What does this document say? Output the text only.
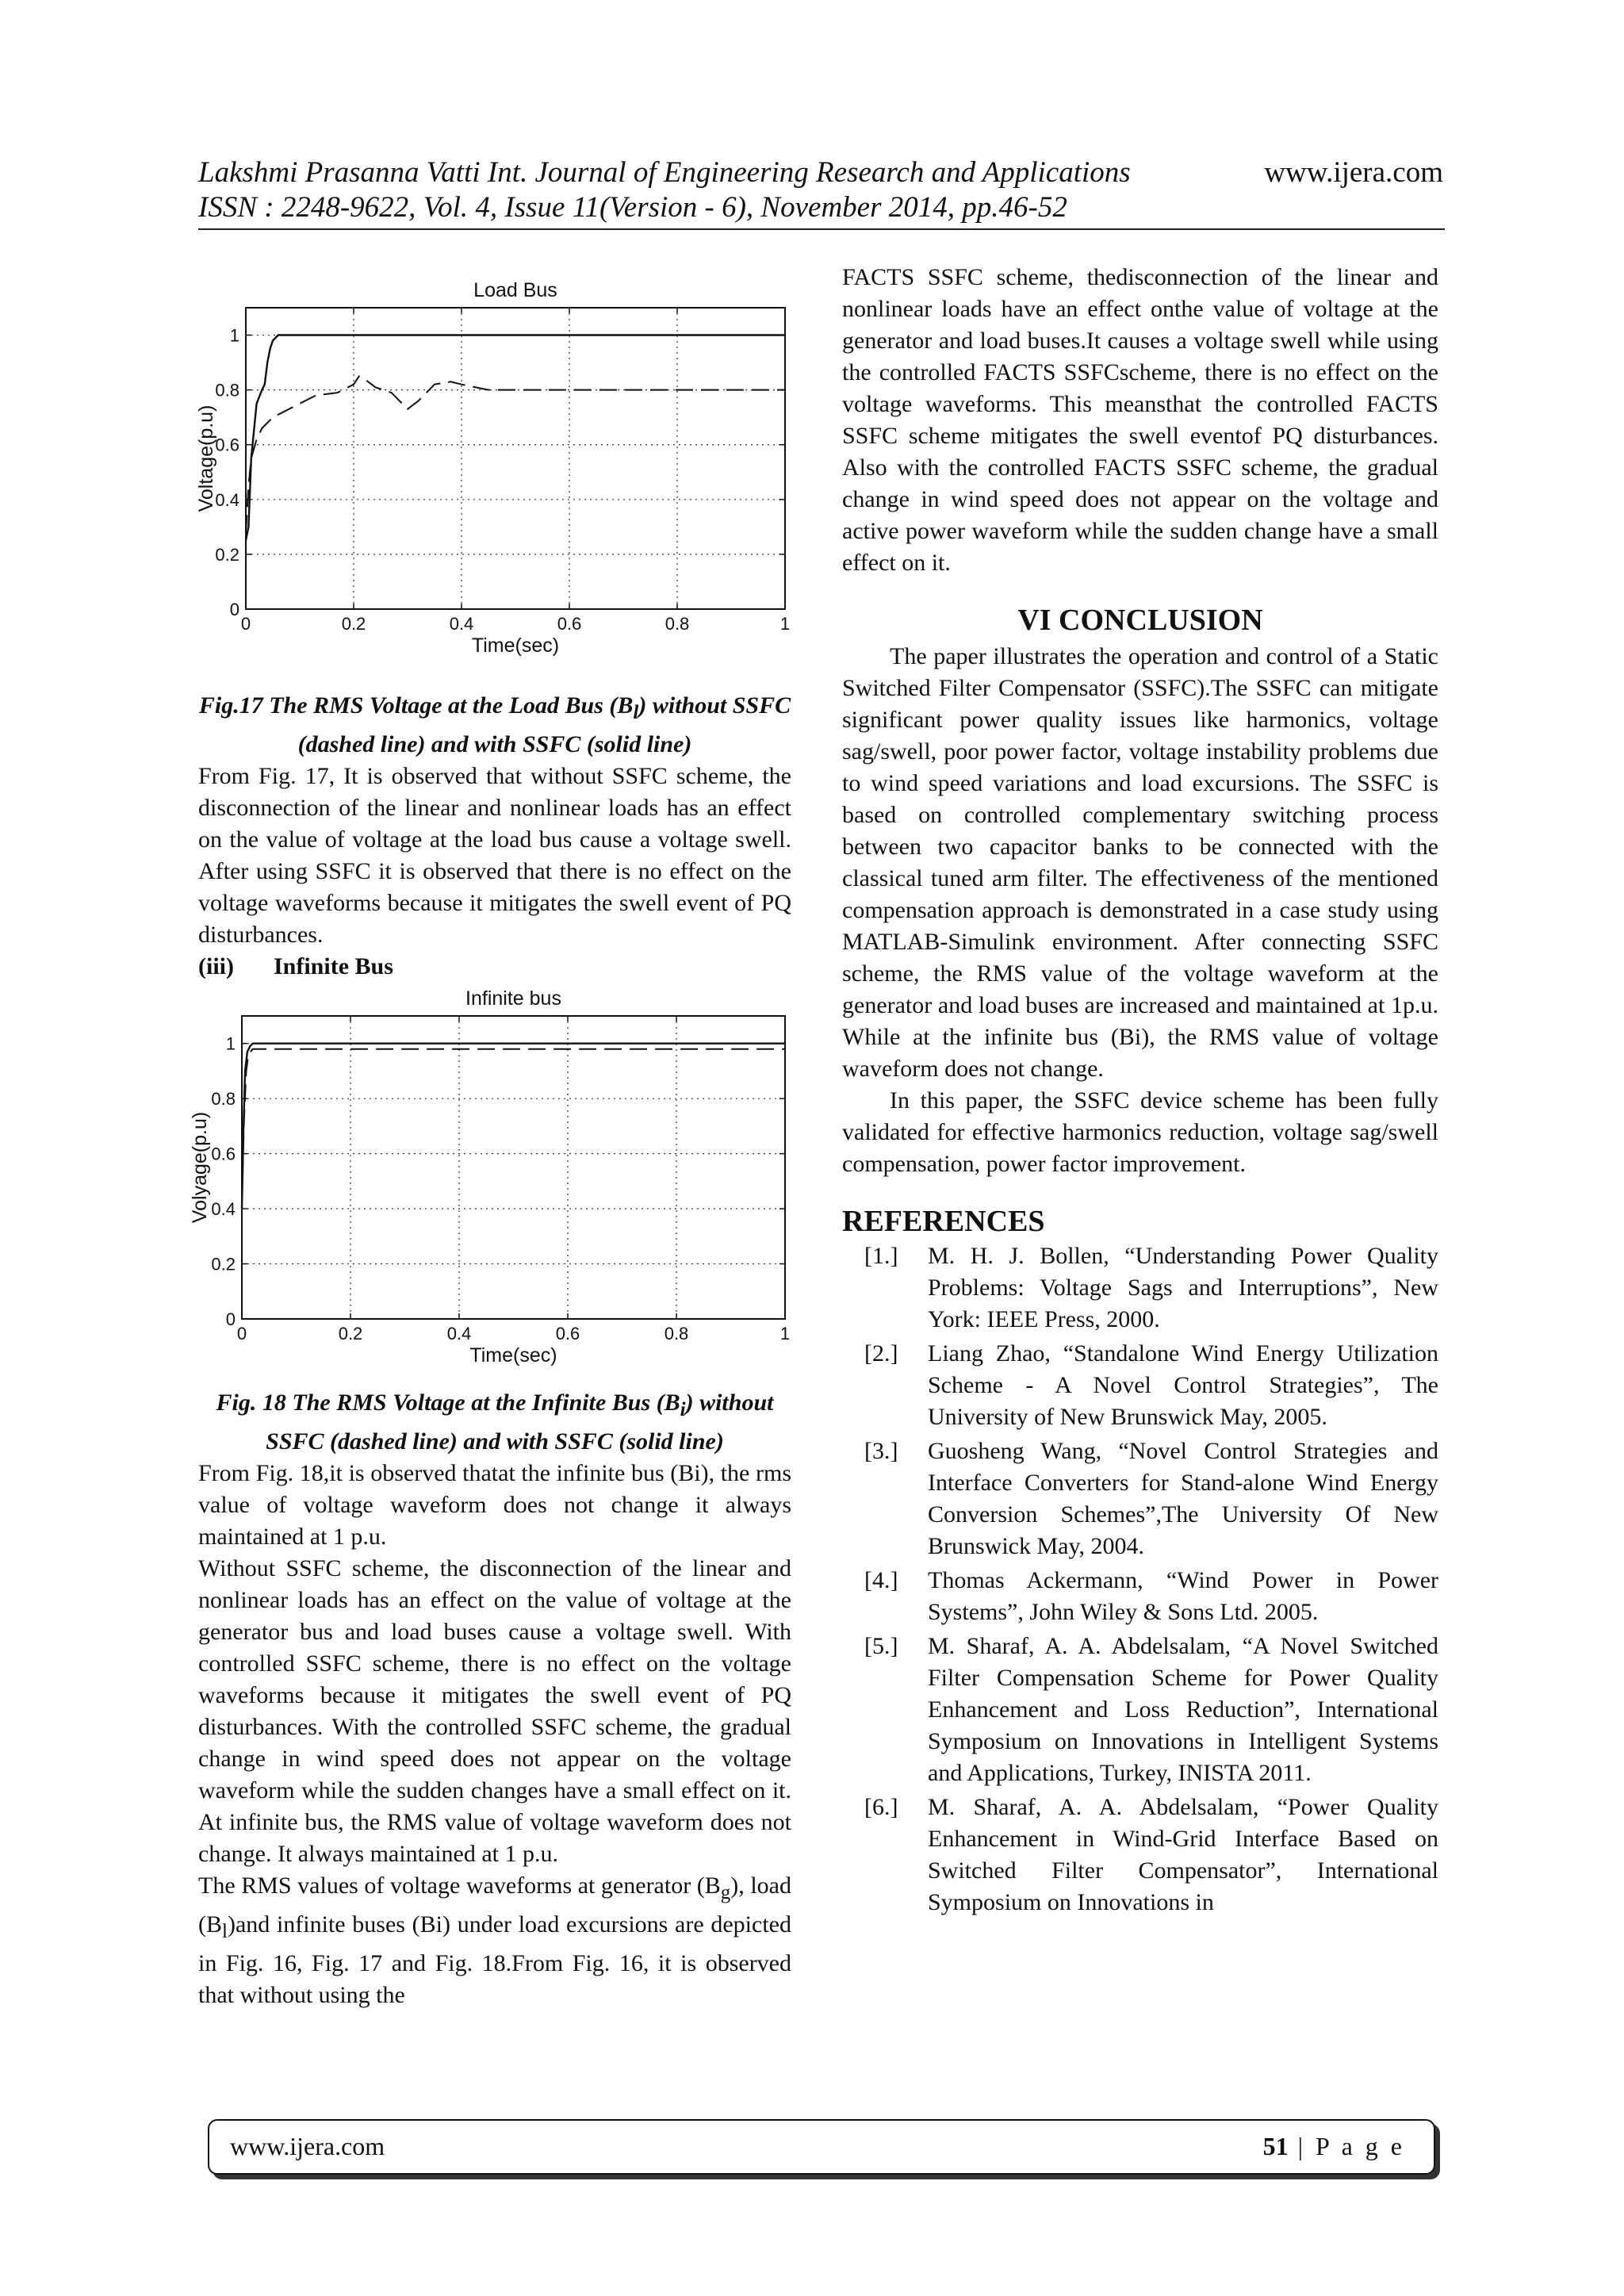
Lakshmi Prasanna Vatti Int. Journal of Engineering Research and Applications
ISSN : 2248-9622, Vol. 4, Issue 11(Version - 6), November 2014, pp.46-52
www.ijera.com
Load Bus
0
0.2
0.4
0.6
0.8
1
0	0.2	0.4	0.6	0.8	1
Time(sec)
Voltage(p.u)

Fig.17 The RMS Voltage at the Load Bus $(B_l)$ without SSFC (dashed line) and with SSFC (solid line)

From Fig. 17, It is observed that without SSFC scheme, the disconnection of the linear and nonlinear loads has an effect on the value of voltage at the load bus cause a voltage swell. After using SSFC it is observed that there is no effect on the voltage waveforms because it mitigates the swell event of PQ disturbances.

(iii) Infinite Bus

Infinite bus
0
0.2
0.4
0.6
0.8
1
0	0.2	0.4	0.6	0.8	1
Time(sec)
Volyage(p.u)

Fig. 18 The RMS Voltage at the Infinite Bus $(B_i)$ without SSFC (dashed line) and with SSFC (solid line)

From Fig. 18,it is observed thatat the infinite bus (Bi), the rms value of voltage waveform does not change it always maintained at 1 p.u.

Without SSFC scheme, the disconnection of the linear and nonlinear loads has an effect on the value of voltage at the generator bus and load buses cause a voltage swell. With controlled SSFC scheme, there is no effect on the voltage waveforms because it mitigates the swell event of PQ disturbances. With the controlled SSFC scheme, the gradual change in wind speed does not appear on the voltage waveform while the sudden changes have a small effect on it. At infinite bus, the RMS value of voltage waveform does not change. It always maintained at 1 p.u.

The RMS values of voltage waveforms at generator $(B_g)$, load $(B_l)and$ infinite buses (Bi) under load excursions are depicted in Fig. 16, Fig. 17 and Fig. 18.From Fig. 16, it is observed that without using the

FACTS SSFC scheme, thedisconnection of the linear and nonlinear loads have an effect onthe value of voltage at the generator and load buses.It causes a voltage swell while using the controlled FACTS SSFCscheme, there is no effect on the voltage waveforms. This meansthat the controlled FACTS SSFC scheme mitigates the swell eventof PQ disturbances. Also with the controlled FACTS SSFC scheme, the gradual change in wind speed does not appear on the voltage and active power waveform while the sudden change have a small effect on it.

VI CONCLUSION

The paper illustrates the operation and control of a Static Switched Filter Compensator (SSFC).The SSFC can mitigate significant power quality issues like harmonics, voltage sag/swell, poor power factor, voltage instability problems due to wind speed variations and load excursions. The SSFC is based on controlled complementary switching process between two capacitor banks to be connected with the classical tuned arm filter. The effectiveness of the mentioned compensation approach is demonstrated in a case study using MATLAB-Simulink environment. After connecting SSFC scheme, the RMS value of the voltage waveform at the generator and load buses are increased and maintained at 1p.u. While at the infinite bus (Bi), the RMS value of voltage waveform does not change.

In this paper, the SSFC device scheme has been fully validated for effective harmonics reduction, voltage sag/swell compensation, power factor improvement.

REFERENCES
[1.]	M. H. J. Bollen, “Understanding Power Quality Problems: Voltage Sags and Interruptions”, New York: IEEE Press, 2000.
[2.]	Liang Zhao, “Standalone Wind Energy Utilization Scheme - A Novel Control Strategies”, The University of New Brunswick May, 2005.
[3.]	Guosheng Wang, “Novel Control Strategies and Interface Converters for Stand-alone Wind Energy Conversion Schemes”,The University Of New Brunswick May, 2004.
[4.]	Thomas Ackermann, “Wind Power in Power Systems”, John Wiley & Sons Ltd. 2005.
[5.]	M. Sharaf, A. A. Abdelsalam, “A Novel Switched Filter Compensation Scheme for Power Quality Enhancement and Loss Reduction”, International Symposium on Innovations in Intelligent Systems and Applications, Turkey, INISTA 2011.
[6.]	M. Sharaf, A. A. Abdelsalam, “Power Quality Enhancement in Wind-Grid Interface Based on Switched Filter Compensator”, International Symposium on Innovations in
www.ijera.com	51 | P a g e
